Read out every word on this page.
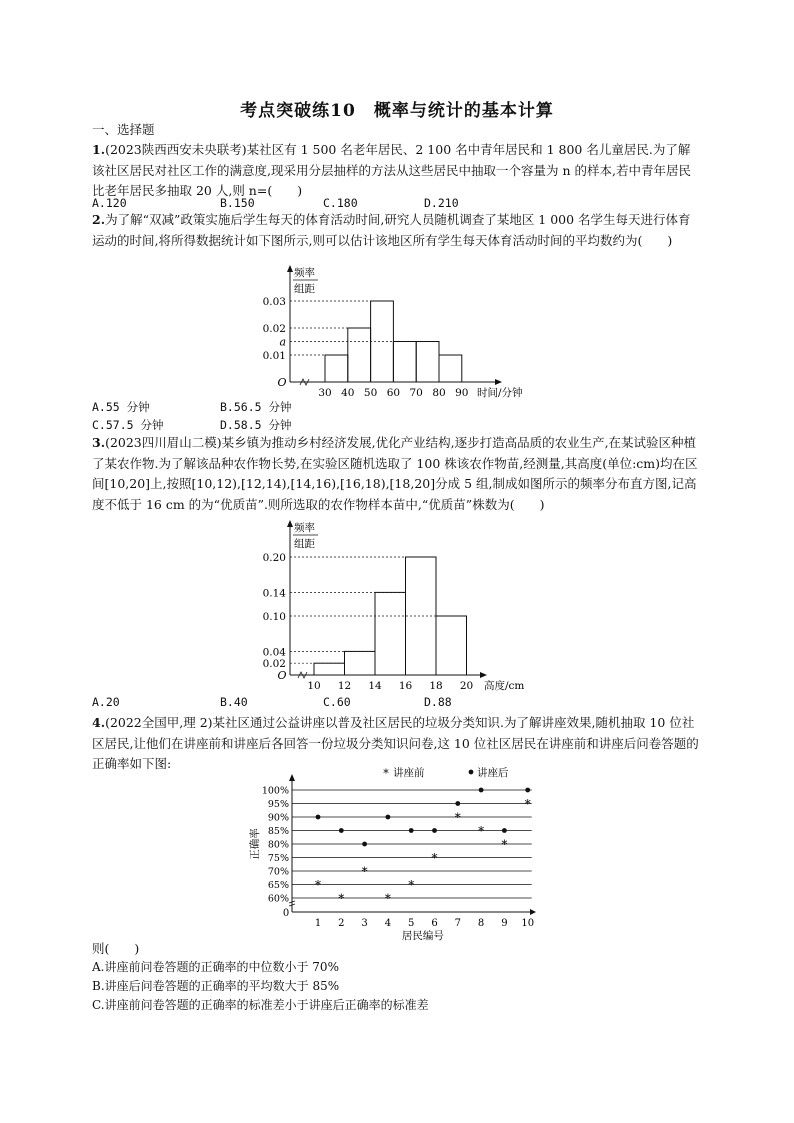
考点突破练10　概率与统计的基本计算
一、选择题
1.(2023陕西西安未央联考)某社区有 1 500 名老年居民、2 100 名中青年居民和 1 800 名儿童居民.为了解该社区居民对社区工作的满意度,现采用分层抽样的方法从这些居民中抽取一个容量为 n 的样本,若中青年居民比老年居民多抽取 20 人,则 n=(　　)
A.120	B.150	C.180	D.210
2.为了解“双减”政策实施后学生每天的体育活动时间,研究人员随机调查了某地区 1 000 名学生每天进行体育运动的时间,将所得数据统计如下图所示,则可以估计该地区所有学生每天体育活动时间的平均数约为(　　)
0.01
a
0.02
0.03
30 40 50 60 70 80 90
O
时间/分钟
频率
组距
A.55 分钟	B.56.5 分钟
C.57.5 分钟	D.58.5 分钟
3.(2023四川眉山二模)某乡镇为推动乡村经济发展,优化产业结构,逐步打造高品质的农业生产,在某试验区种植了某农作物.为了解该品种农作物长势,在实验区随机选取了 100 株该农作物苗,经测量,其高度(单位:cm)均在区间[10,20]上,按照[10,12),[12,14),[14,16),[16,18),[18,20]分成 5 组,制成如图所示的频率分布直方图,记高度不低于 16 cm 的为“优质苗”.则所选取的农作物样本苗中,“优质苗”株数为(　　)
0.02
0.04
0.10
0.14
0.20
10 12 14 16 18 20
O
高度/cm
频率
组距
A.20	B.40	C.60	D.88
4.(2022全国甲,理 2)某社区通过公益讲座以普及社区居民的垃圾分类知识.为了解讲座效果,随机抽取 10 位社区居民,让他们在讲座前和讲座后各回答一份垃圾分类知识问卷,这 10 位社区居民在讲座前和讲座后问卷答题的正确率如下图:
*
*
*
*
*
*
*
*
*
*
60%
65%
70%
75%
80%
85%
90%
95%
100%
1 2 3 4 5 6 7 8 9 10
0
居民编号
正确率
* 讲座前	讲座后
则(　　)
A.讲座前问卷答题的正确率的中位数小于 70%
B.讲座后问卷答题的正确率的平均数大于 85%
C.讲座前问卷答题的正确率的标准差小于讲座后正确率的标准差
